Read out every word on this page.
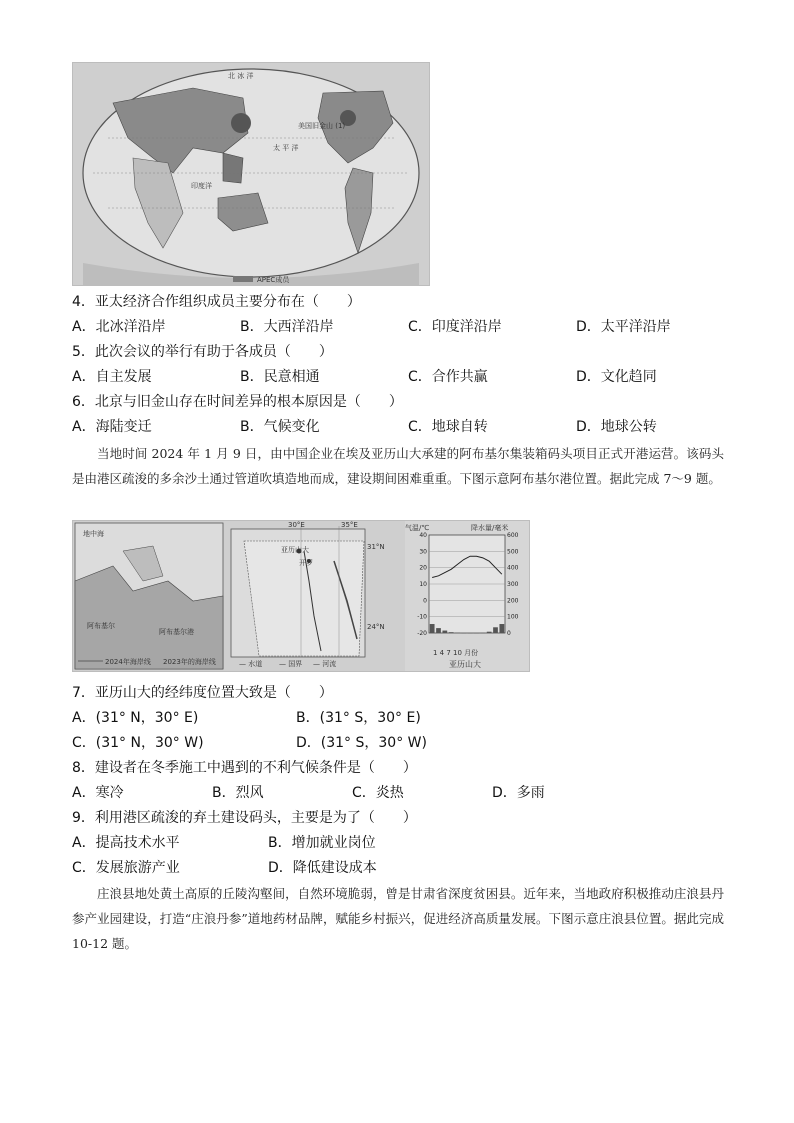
北 冰 洋
印度洋
太 平 洋
美国旧金山 (1)
APEC成员
4．亚太经济合作组织成员主要分布在（　　）
A．北冰洋沿岸	B．大西洋沿岸	C．印度洋沿岸	D．太平洋沿岸
5．此次会议的举行有助于各成员（　　）
A．自主发展	B．民意相通	C．合作共赢	D．文化趋同
6．北京与旧金山存在时间差异的根本原因是（　　）
A．海陆变迁	B．气候变化	C．地球自转	D．地球公转

当地时间 2024 年 1 月 9 日，由中国企业在埃及亚历山大承建的阿布基尔集装箱码头项目正式开港运营。该码头是由港区疏浚的多余沙土通过管道吹填造地而成，建设期间困难重重。下图示意阿布基尔港位置。据此完成 7～9 题。

地中海
阿布基尔
阿布基尔港
2024年海岸线 2023年的海岸线
30°E	35°E
31°N
24°N
亚历山大
开罗
— 水道 — 国界 — 河流
气温/℃	降水量/毫米
40
30
20
10
0
-10
-20
600
500
400
300
200
100
0
1 4 7 10 月份
亚历山大
7．亚历山大的经纬度位置大致是（　　）
A．(31° N，30° E)	B．(31° S，30° E)
C．(31° N，30° W)	D．(31° S，30° W)
8．建设者在冬季施工中遇到的不利气候条件是（　　）
A．寒冷	B．烈风	C．炎热	D．多雨
9．利用港区疏浚的弃土建设码头，主要是为了（　　）
A．提高技术水平	B．增加就业岗位
C．发展旅游产业	D．降低建设成本

庄浪县地处黄土高原的丘陵沟壑间，自然环境脆弱，曾是甘肃省深度贫困县。近年来，当地政府积极推动庄浪县丹参产业园建设，打造“庄浪丹参”道地药材品牌，赋能乡村振兴，促进经济高质量发展。下图示意庄浪县位置。据此完成 10-12 题。
